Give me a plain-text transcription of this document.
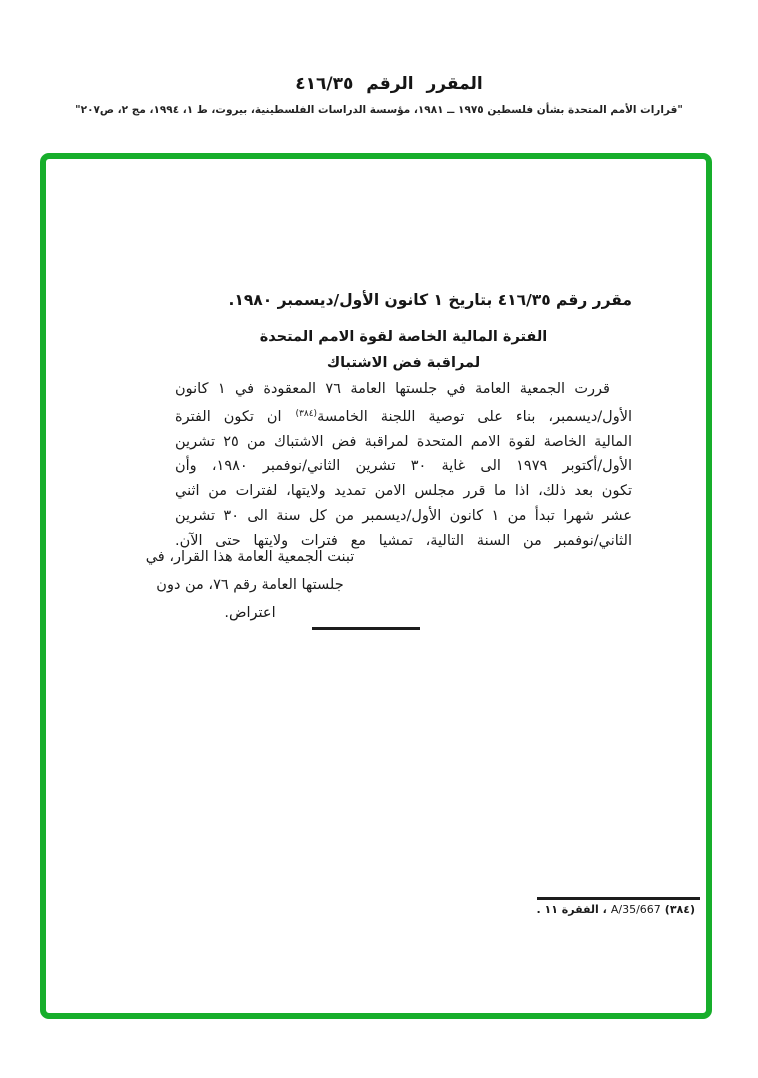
المقرر الرقم ٤١٦/٣٥
"قرارات الأمم المتحدة بشأن فلسطين ١٩٧٥ ــ ١٩٨١، مؤسسة الدراسات الفلسطينية، بيروت، ط ١، ١٩٩٤، مج ٢، ص٢٠٧"
مقرر رقم ٤١٦/٣٥ بتاريخ ١ كانون الأول/ديسمبر ١٩٨٠.
الفترة المالية الخاصة لقوة الامم المتحدة
لمراقبة فض الاشتباك
قررت الجمعية العامة في جلستها العامة ٧٦ المعقودة في ١ كانون
الأول/ديسمبر، بناء على توصية اللجنة الخامسة$^{(٣٨٤)}$ان تكون الفترة
المالية الخاصة لقوة الامم المتحدة لمراقبة فض الاشتباك من ٢٥ تشرين
الأول/أكتوبر ١٩٧٩ الى غاية ٣٠ تشرين الثاني/نوفمبر ١٩٨٠، وأن
تكون بعد ذلك، اذا ما قرر مجلس الامن تمديد ولايتها، لفترات من اثني
عشر شهرا تبدأ من ١ كانون الأول/ديسمبر من كل سنة الى ٣٠ تشرين
الثاني/نوفمبر من السنة التالية، تمشيا مع فترات ولايتها حتى الآن.
تبنت الجمعية العامة هذا القرار، في
جلستها العامة رقم ٧٦، من دون
اعتراض.
(٣٨٤)A/35/667، الفقرة ١١ .
